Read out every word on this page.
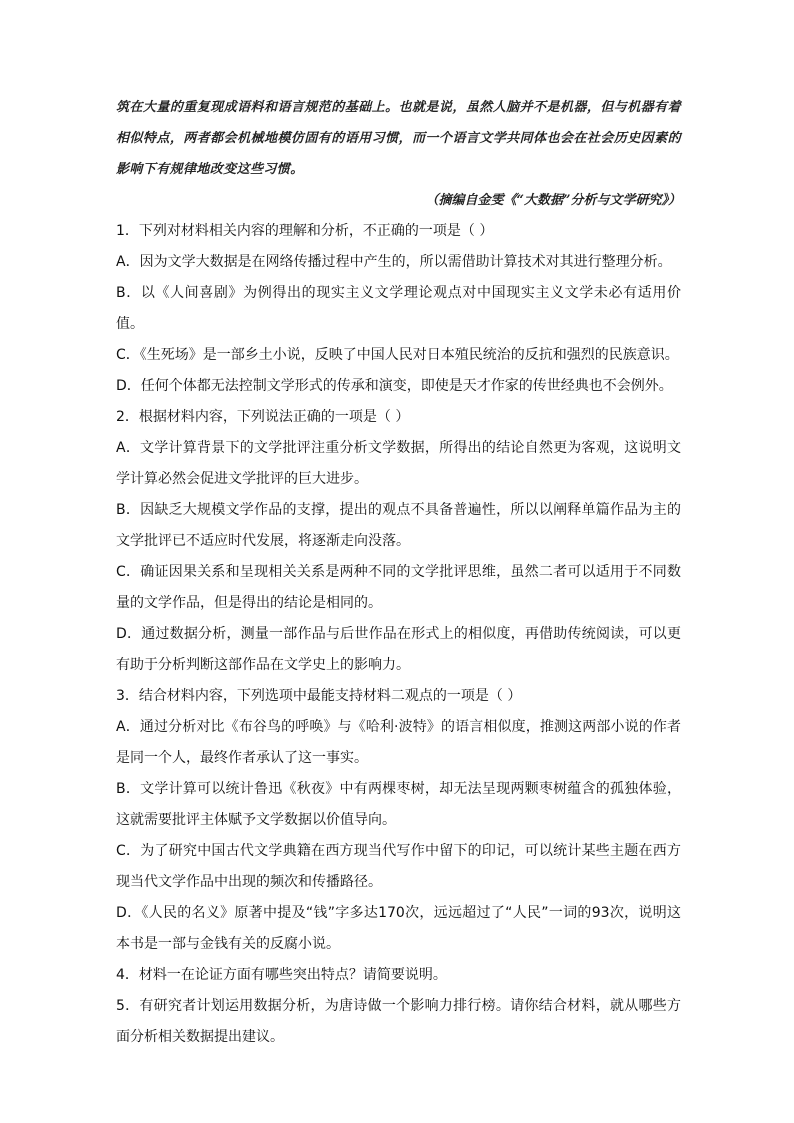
筑在大量的重复现成语料和语言规范的基础上。也就是说，虽然人脑并不是机器，但与机器有着相似特点，两者都会机械地模仿固有的语用习惯，而一个语言文学共同体也会在社会历史因素的影响下有规律地改变这些习惯。

（摘编自金雯《“大数据”分析与文学研究》）

1．下列对材料相关内容的理解和分析，不正确的一项是（ ）

A．因为文学大数据是在网络传播过程中产生的，所以需借助计算技术对其进行整理分析。

B．以《人间喜剧》为例得出的现实主义文学理论观点对中国现实主义文学未必有适用价值。

C．《生死场》是一部乡土小说，反映了中国人民对日本殖民统治的反抗和强烈的民族意识。

D．任何个体都无法控制文学形式的传承和演变，即使是天才作家的传世经典也不会例外。

2．根据材料内容，下列说法正确的一项是（ ）

A．文学计算背景下的文学批评注重分析文学数据，所得出的结论自然更为客观，这说明文学计算必然会促进文学批评的巨大进步。

B．因缺乏大规模文学作品的支撑，提出的观点不具备普遍性，所以以阐释单篇作品为主的文学批评已不适应时代发展，将逐渐走向没落。

C．确证因果关系和呈现相关关系是两种不同的文学批评思维，虽然二者可以适用于不同数量的文学作品，但是得出的结论是相同的。

D．通过数据分析，测量一部作品与后世作品在形式上的相似度，再借助传统阅读，可以更有助于分析判断这部作品在文学史上的影响力。

3．结合材料内容，下列选项中最能支持材料二观点的一项是（ ）

A．通过分析对比《布谷鸟的呼唤》与《哈利·波特》的语言相似度，推测这两部小说的作者是同一个人，最终作者承认了这一事实。

B．文学计算可以统计鲁迅《秋夜》中有两棵枣树，却无法呈现两颗枣树蕴含的孤独体验，这就需要批评主体赋予文学数据以价值导向。

C．为了研究中国古代文学典籍在西方现当代写作中留下的印记，可以统计某些主题在西方现当代文学作品中出现的频次和传播路径。

D．《人民的名义》原著中提及“钱”字多达170次，远远超过了“人民”一词的93次，说明这本书是一部与金钱有关的反腐小说。

4．材料一在论证方面有哪些突出特点？请简要说明。

5．有研究者计划运用数据分析，为唐诗做一个影响力排行榜。请你结合材料，就从哪些方面分析相关数据提出建议。
